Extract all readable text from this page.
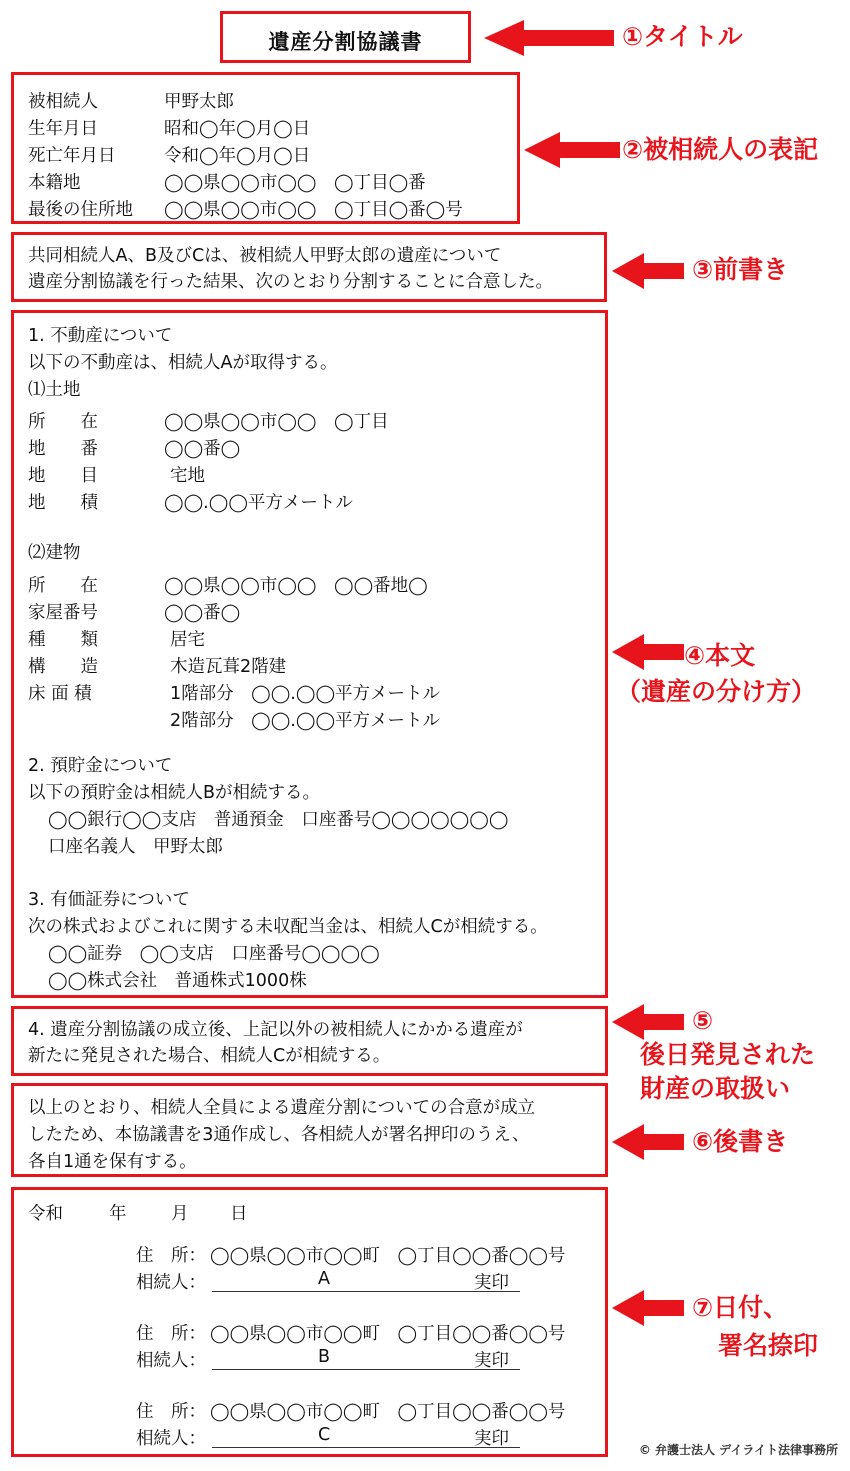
遺産分割協議書
被相続人	甲野太郎
生年月日	昭和◯年◯月◯日
死亡年月日	令和◯年◯月◯日
本籍地	◯◯県◯◯市◯◯　◯丁目◯番
最後の住所地 ◯◯県◯◯市◯◯　◯丁目◯番◯号
共同相続人A、B及びCは、被相続人甲野太郎の遺産について
遺産分割協議を行った結果、次のとおり分割することに合意した。
1. 不動産について
以下の不動産は、相続人Aが取得する。
⑴土地
所　　在	◯◯県◯◯市◯◯　◯丁目
地　　番	◯◯番◯
地　　目	宅地
地　　積	◯◯.◯◯平方メートル
⑵建物
所　　在	◯◯県◯◯市◯◯　◯◯番地◯
家屋番号	◯◯番◯
種　　類	居宅
構　　造	木造瓦葺2階建
床 面 積	1階部分　◯◯.◯◯平方メートル
2階部分　◯◯.◯◯平方メートル
2. 預貯金について
以下の預貯金は相続人Bが相続する。
◯◯銀行◯◯支店　普通預金　口座番号◯◯◯◯◯◯◯
口座名義人　甲野太郎
3. 有価証券について
次の株式およびこれに関する未収配当金は、相続人Cが相続する。
◯◯証券　◯◯支店　口座番号◯◯◯◯
◯◯株式会社　普通株式1000株
4. 遺産分割協議の成立後、上記以外の被相続人にかかる遺産が
新たに発見された場合、相続人Cが相続する。
以上のとおり、相続人全員による遺産分割についての合意が成立
したため、本協議書を3通作成し、各相続人が署名押印のうえ、
各自1通を保有する。
令和	年	月 日
住　所： ◯◯県◯◯市◯◯町　◯丁目◯◯番◯◯号
相続人：	A	実印
住　所： ◯◯県◯◯市◯◯町　◯丁目◯◯番◯◯号
相続人：	B	実印
住　所： ◯◯県◯◯市◯◯町　◯丁目◯◯番◯◯号
相続人：	C	実印
①タイトル
②被相続人の表記
③前書き
④本文
（遺産の分け方）
⑤
後日発見された
財産の取扱い
⑥後書き
⑦日付、
署名捺印
© 弁護士法人 デイライト法律事務所
